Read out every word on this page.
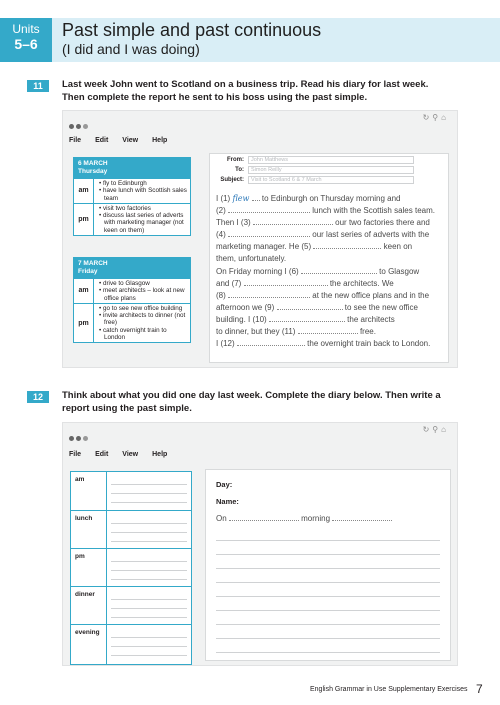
Units
5–6
Past simple and past continuous
(I did and I was doing)
11	Last week John went to Scotland on a business trip. Read his diary for last week.
Then complete the report he sent to his boss using the past simple.
↻⚲⌂
File Edit View Help
6 MARCH
Thursday
am
• fly to Edinburgh
• have lunch with Scottish sales team
pm
• visit two factories
• discuss last series of adverts with marketing manager (not keen on them)
7 MARCH
Friday
am
• drive to Glasgow
• meet architects – look at new office plans
pm
• go to see new office building
• invite architects to dinner (not free)
• catch overnight train to London
From:	John Matthews
To:	Simon Reilly
Subject:	Visit to Scotland 6 & 7 March
I (1) flew to Edinburgh on Thursday morning and
(2)	lunch with the Scottish sales team.
Then I (3)	our two factories there and
(4)	our last series of adverts with the
marketing manager. He (5)	keen on
them, unfortunately.
On Friday morning I (6)	to Glasgow
and (7)	the architects. We
(8)	at the new office plans and in the
afternoon we (9)	to see the new office
building. I (10)	the architects
to dinner, but they (11)	free.
I (12)	the overnight train back to London.
12	Think about what you did one day last week. Complete the diary below. Then write a
report using the past simple.
↻⚲⌂
File Edit View Help
am
lunch
pm
dinner
evening
Day:
Name:
On	morning
English Grammar in Use Supplementary Exercises 7
